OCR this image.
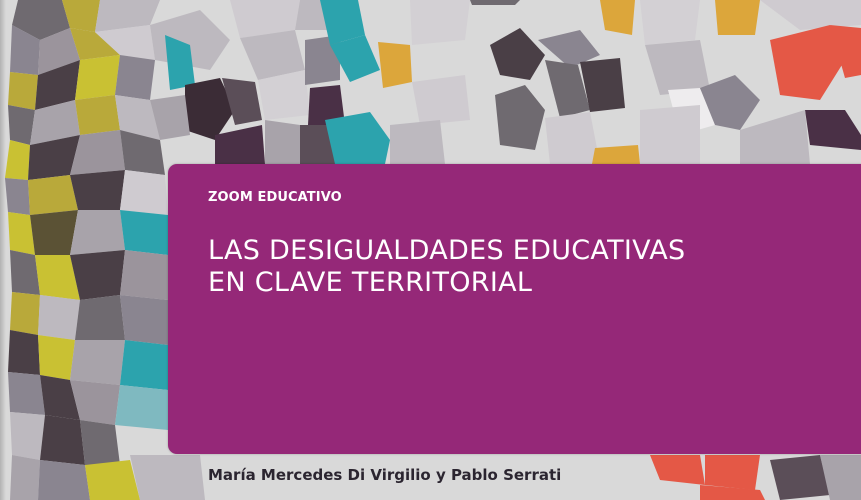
ZOOM EDUCATIVO
LAS DESIGUALDADES EDUCATIVAS
EN CLAVE TERRITORIAL
María Mercedes Di Virgilio y Pablo Serrati
